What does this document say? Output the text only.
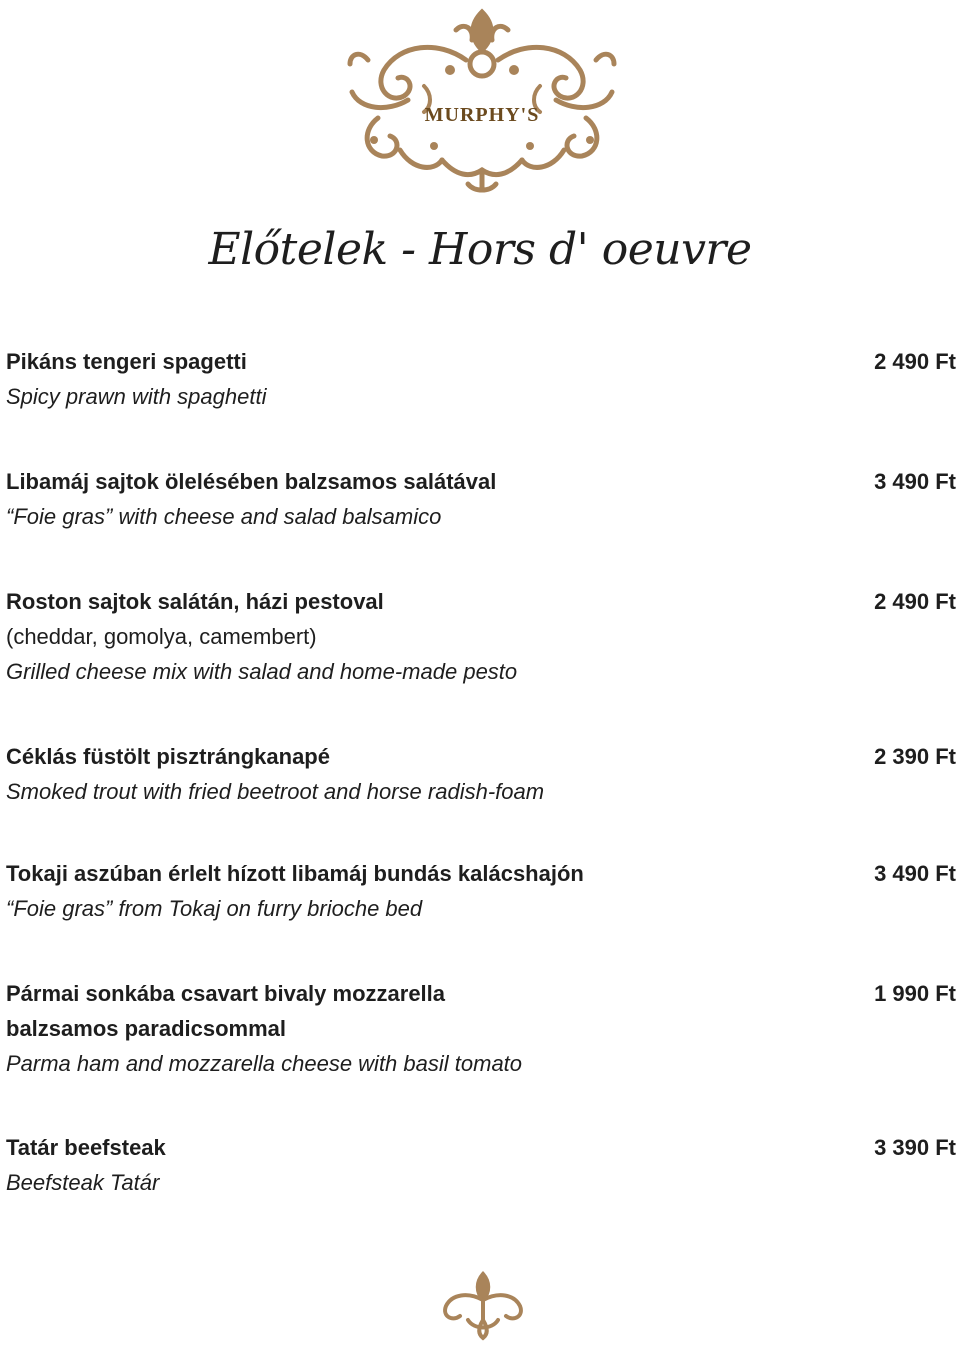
MURPHY'S
Előtelek - Hors d' oeuvre
Pikáns tengeri spagetti
Spicy prawn with spaghetti
2 490 Ft
Libamáj sajtok ölelésében balzsamos salátával
“Foie gras” with cheese and salad balsamico
3 490 Ft
Roston sajtok salátán, házi pestoval
(cheddar, gomolya, camembert)
Grilled cheese mix with salad and home-made pesto
2 490 Ft
Céklás füstölt pisztrángkanapé
Smoked trout with fried beetroot and horse radish-foam
2 390 Ft
Tokaji aszúban érlelt hízott libamáj bundás kalácshajón
“Foie gras” from Tokaj on furry brioche bed
3 490 Ft
Pármai sonkába csavart bivaly mozzarella
balzsamos paradicsommal
Parma ham and mozzarella cheese with basil tomato
1 990 Ft
Tatár beefsteak
Beefsteak Tatár
3 390 Ft
